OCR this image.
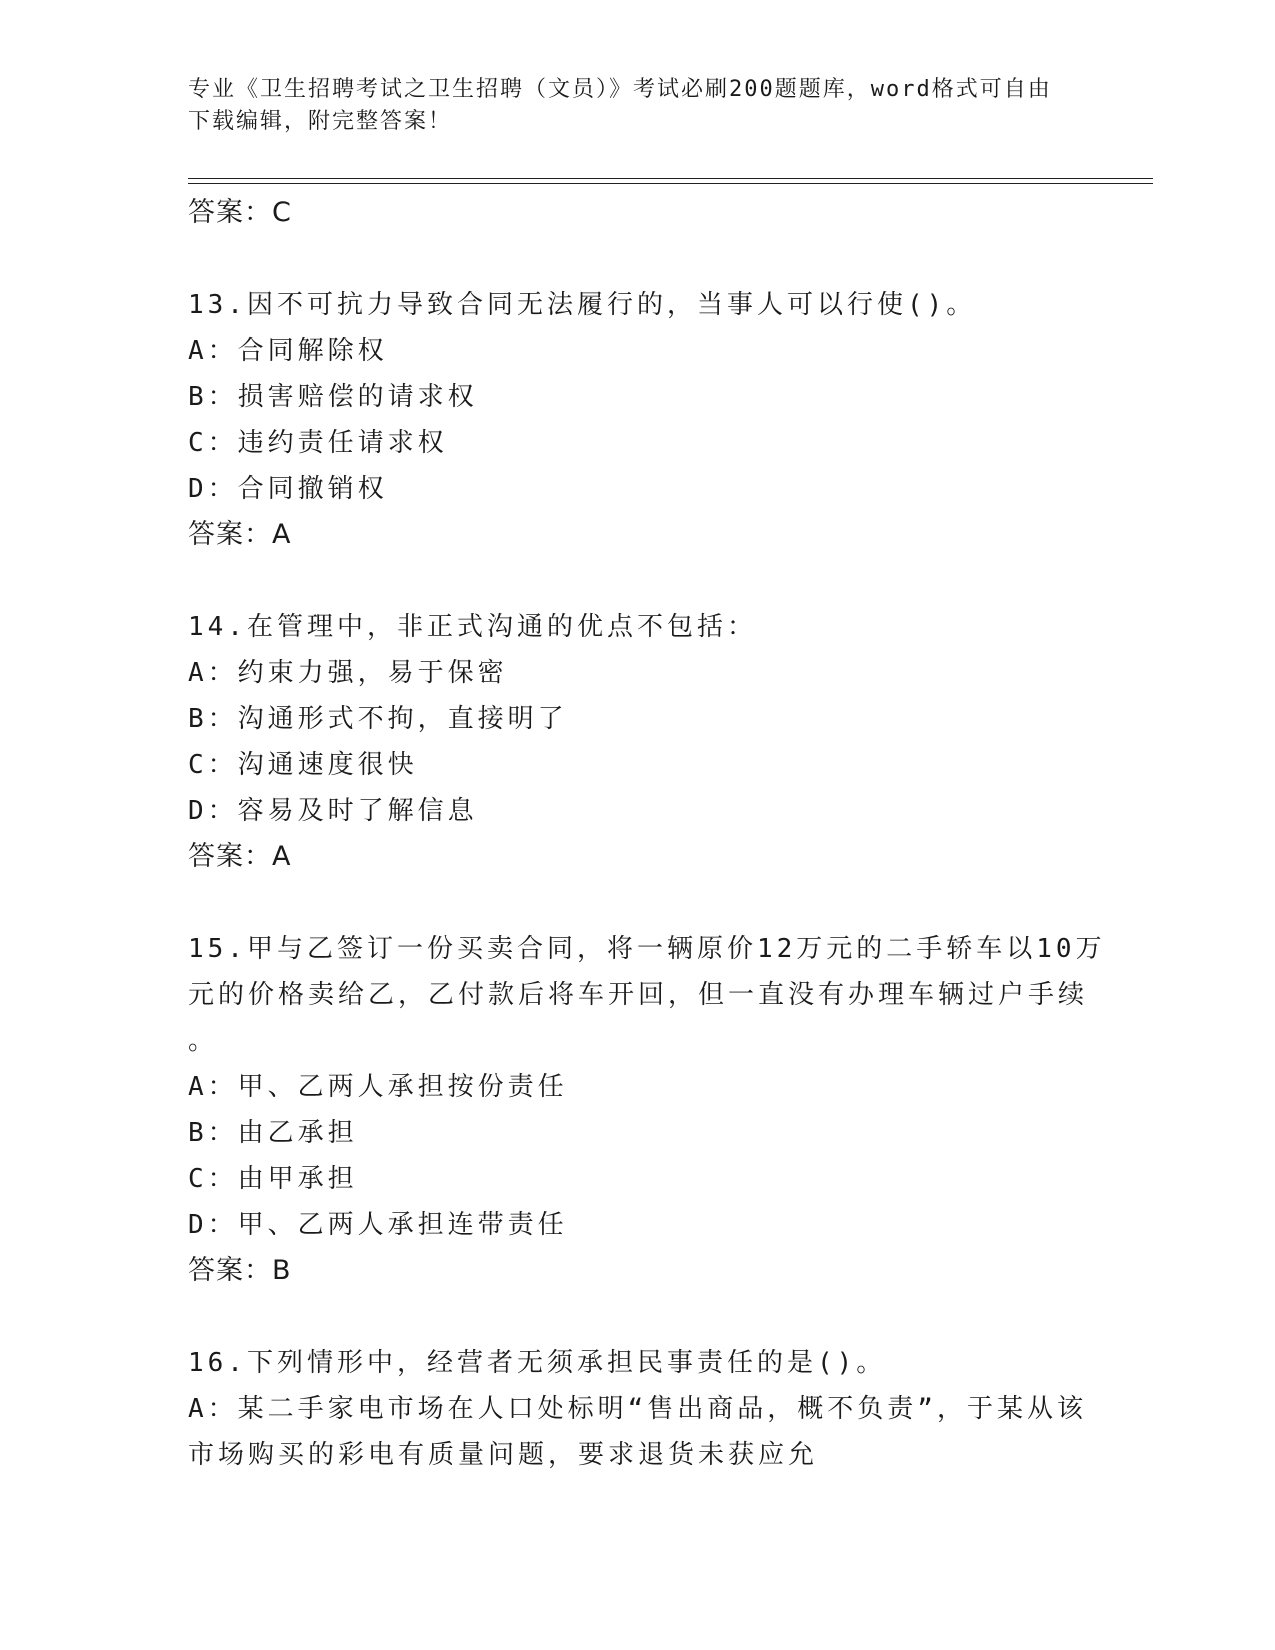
专业《卫生招聘考试之卫生招聘（文员）》考试必刷200题题库，word格式可自由下载编辑，附完整答案！
答案：C
13.因不可抗力导致合同无法履行的，当事人可以行使()。
A：合同解除权
B：损害赔偿的请求权
C：违约责任请求权
D：合同撤销权
答案：A
14.在管理中，非正式沟通的优点不包括：
A：约束力强，易于保密
B：沟通形式不拘，直接明了
C：沟通速度很快
D：容易及时了解信息
答案：A
15.甲与乙签订一份买卖合同，将一辆原价12万元的二手轿车以10万
元的价格卖给乙，乙付款后将车开回，但一直没有办理车辆过户手续
。
A：甲、乙两人承担按份责任
B：由乙承担
C：由甲承担
D：甲、乙两人承担连带责任
答案：B
16.下列情形中，经营者无须承担民事责任的是()。
A：某二手家电市场在人口处标明“售出商品，概不负责”，于某从该
市场购买的彩电有质量问题，要求退货未获应允
